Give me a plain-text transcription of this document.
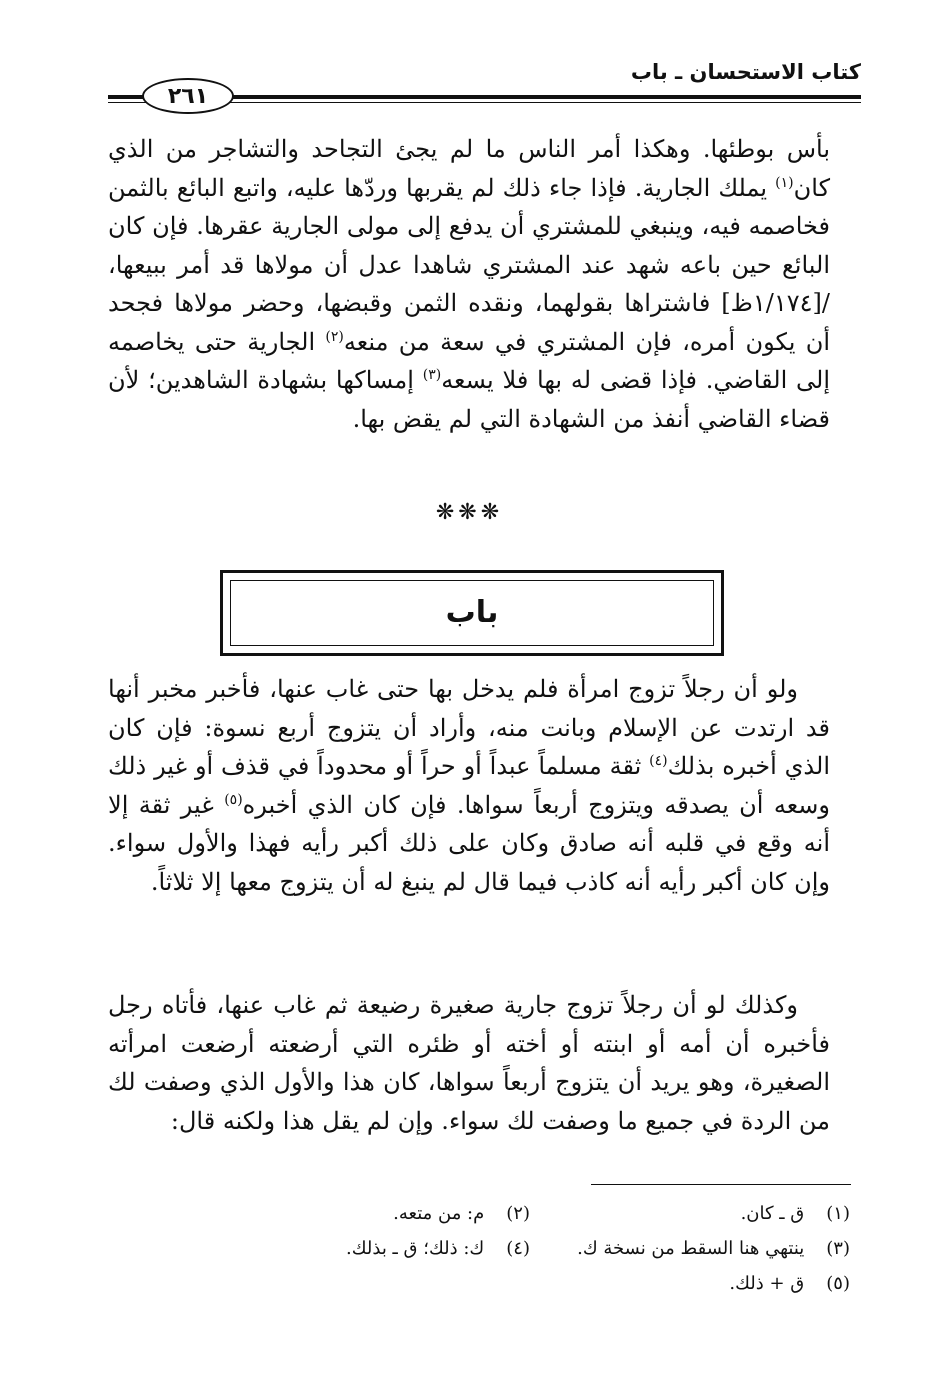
كتاب الاستحسان ـ باب
٢٦١

بأس بوطئها. وهكذا أمر الناس ما لم يجئ التجاحد والتشاجر من الذي كان$^{(١)}$ يملك الجارية. فإذا جاء ذلك لم يقربها وردّها عليه، واتبع البائع بالثمن فخاصمه فيه، وينبغي للمشتري أن يدفع إلى مولى الجارية عقرها. فإن كان البائع حين باعه شهد عند المشتري شاهدا عدل أن مولاها قد أمر ببيعها، /[١/١٧٤ظ] فاشتراها بقولهما، ونقده الثمن وقبضها، وحضر مولاها فجحد أن يكون أمره، فإن المشتري في سعة من منعه$^{(٢)}$ الجارية حتى يخاصمه إلى القاضي. فإذا قضى له بها فلا يسعه$^{(٣)}$ إمساكها بشهادة الشاهدين؛ لأن قضاء القاضي أنفذ من الشهادة التي لم يقض بها.

❋❋❋
باب

ولو أن رجلاً تزوج امرأة فلم يدخل بها حتى غاب عنها، فأخبر مخبر أنها قد ارتدت عن الإسلام وبانت منه، وأراد أن يتزوج أربع نسوة: فإن كان الذي أخبره بذلك$^{(٤)}$ ثقة مسلماً عبداً أو حراً أو محدوداً في قذف أو غير ذلك وسعه أن يصدقه ويتزوج أربعاً سواها. فإن كان الذي أخبره$^{(٥)}$ غير ثقة إلا أنه وقع في قلبه أنه صادق وكان على ذلك أكبر رأيه فهذا والأول سواء. وإن كان أكبر رأيه أنه كاذب فيما قال لم ينبغ له أن يتزوج معها إلا ثلاثاً.

وكذلك لو أن رجلاً تزوج جارية صغيرة رضيعة ثم غاب عنها، فأتاه رجل فأخبره أن أمه أو ابنته أو أخته أو ظئره التي أرضعته أرضعت امرأته الصغيرة، وهو يريد أن يتزوج أربعاً سواها، كان هذا والأول الذي وصفت لك من الردة في جميع ما وصفت لك سواء. وإن لم يقل هذا ولكنه قال:

(١) ق ـ كان.
(٢) م: من متعه.
(٣) ينتهي هنا السقط من نسخة ك.
(٤) ك: ذلك؛ ق ـ بذلك.
(٥) ق + ذلك.
